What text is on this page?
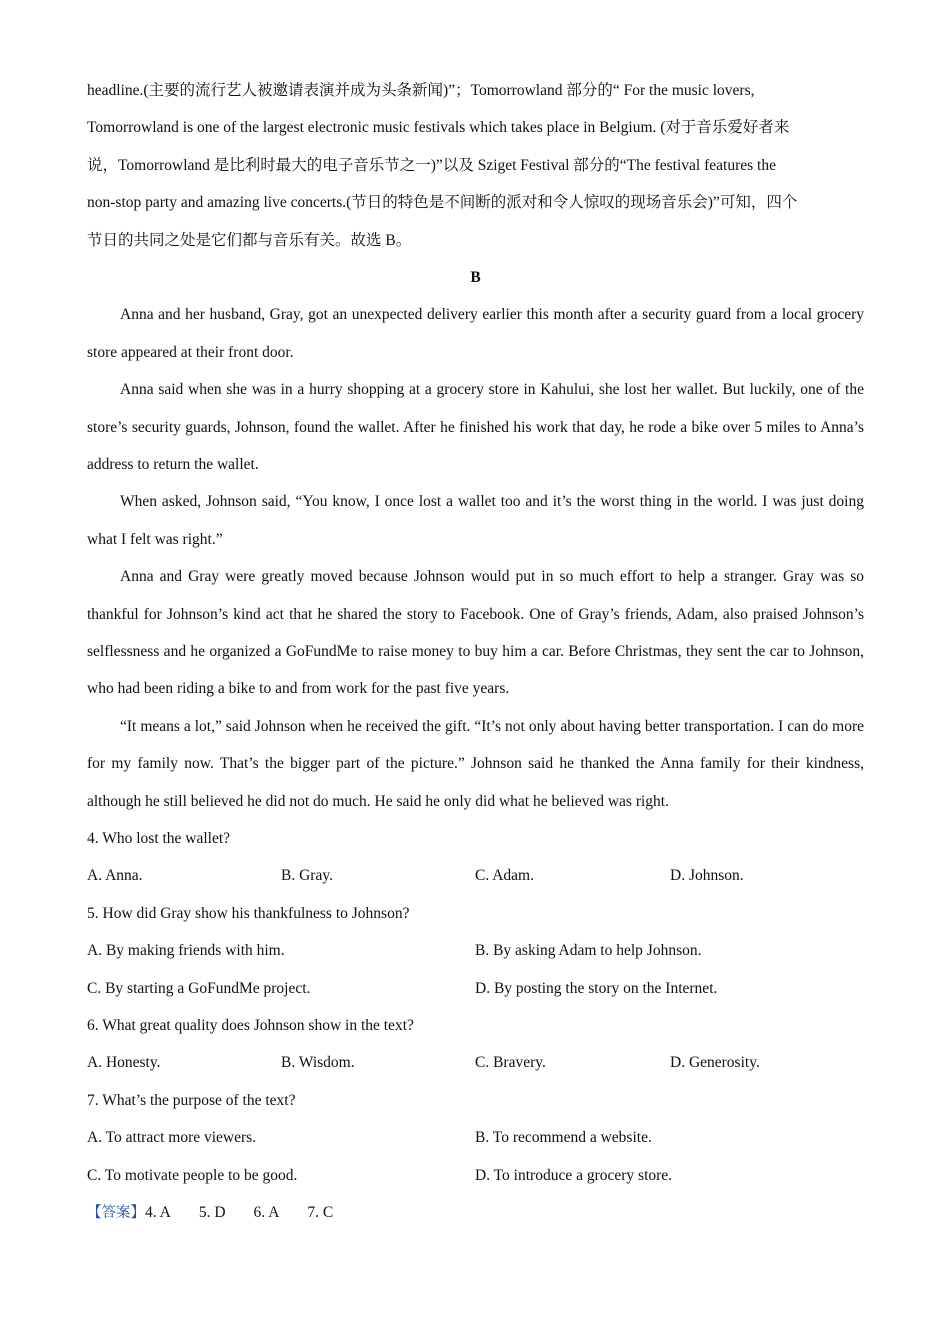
headline.(主要的流行艺人被邀请表演并成为头条新闻)”；Tomorrowland 部分的“ For the music lovers,
Tomorrowland is one of the largest electronic music festivals which takes place in Belgium. (对于音乐爱好者来
说，Tomorrowland 是比利时最大的电子音乐节之一)”以及 Sziget Festival 部分的“The festival features the
non-stop party and amazing live concerts.(节日的特色是不间断的派对和令人惊叹的现场音乐会)”可知，四个
节日的共同之处是它们都与音乐有关。故选 B。
B
Anna and her husband, Gray, got an unexpected delivery earlier this month after a security guard from a local grocery store appeared at their front door.
Anna said when she was in a hurry shopping at a grocery store in Kahului, she lost her wallet. But luckily, one of the store’s security guards, Johnson, found the wallet. After he finished his work that day, he rode a bike over 5 miles to Anna’s address to return the wallet.
When asked, Johnson said, “You know, I once lost a wallet too and it’s the worst thing in the world. I was just doing what I felt was right.”
Anna and Gray were greatly moved because Johnson would put in so much effort to help a stranger. Gray was so thankful for Johnson’s kind act that he shared the story to Facebook. One of Gray’s friends, Adam, also praised Johnson’s selflessness and he organized a GoFundMe to raise money to buy him a car. Before Christmas, they sent the car to Johnson, who had been riding a bike to and from work for the past five years.
“It means a lot,” said Johnson when he received the gift. “It’s not only about having better transportation. I can do more for my family now. That’s the bigger part of the picture.” Johnson said he thanked the Anna family for their kindness, although he still believed he did not do much. He said he only did what he believed was right.
4. Who lost the wallet?
A. Anna.	B. Gray.	C. Adam.	D. Johnson.
5. How did Gray show his thankfulness to Johnson?
A. By making friends with him.	B. By asking Adam to help Johnson.
C. By starting a GoFundMe project.	D. By posting the story on the Internet.
6. What great quality does Johnson show in the text?
A. Honesty.	B. Wisdom.	C. Bravery.	D. Generosity.
7. What’s the purpose of the text?
A. To attract more viewers.	B. To recommend a website.
C. To motivate people to be good.	D. To introduce a grocery store.
【答案】4. A 5. D 6. A 7. C
